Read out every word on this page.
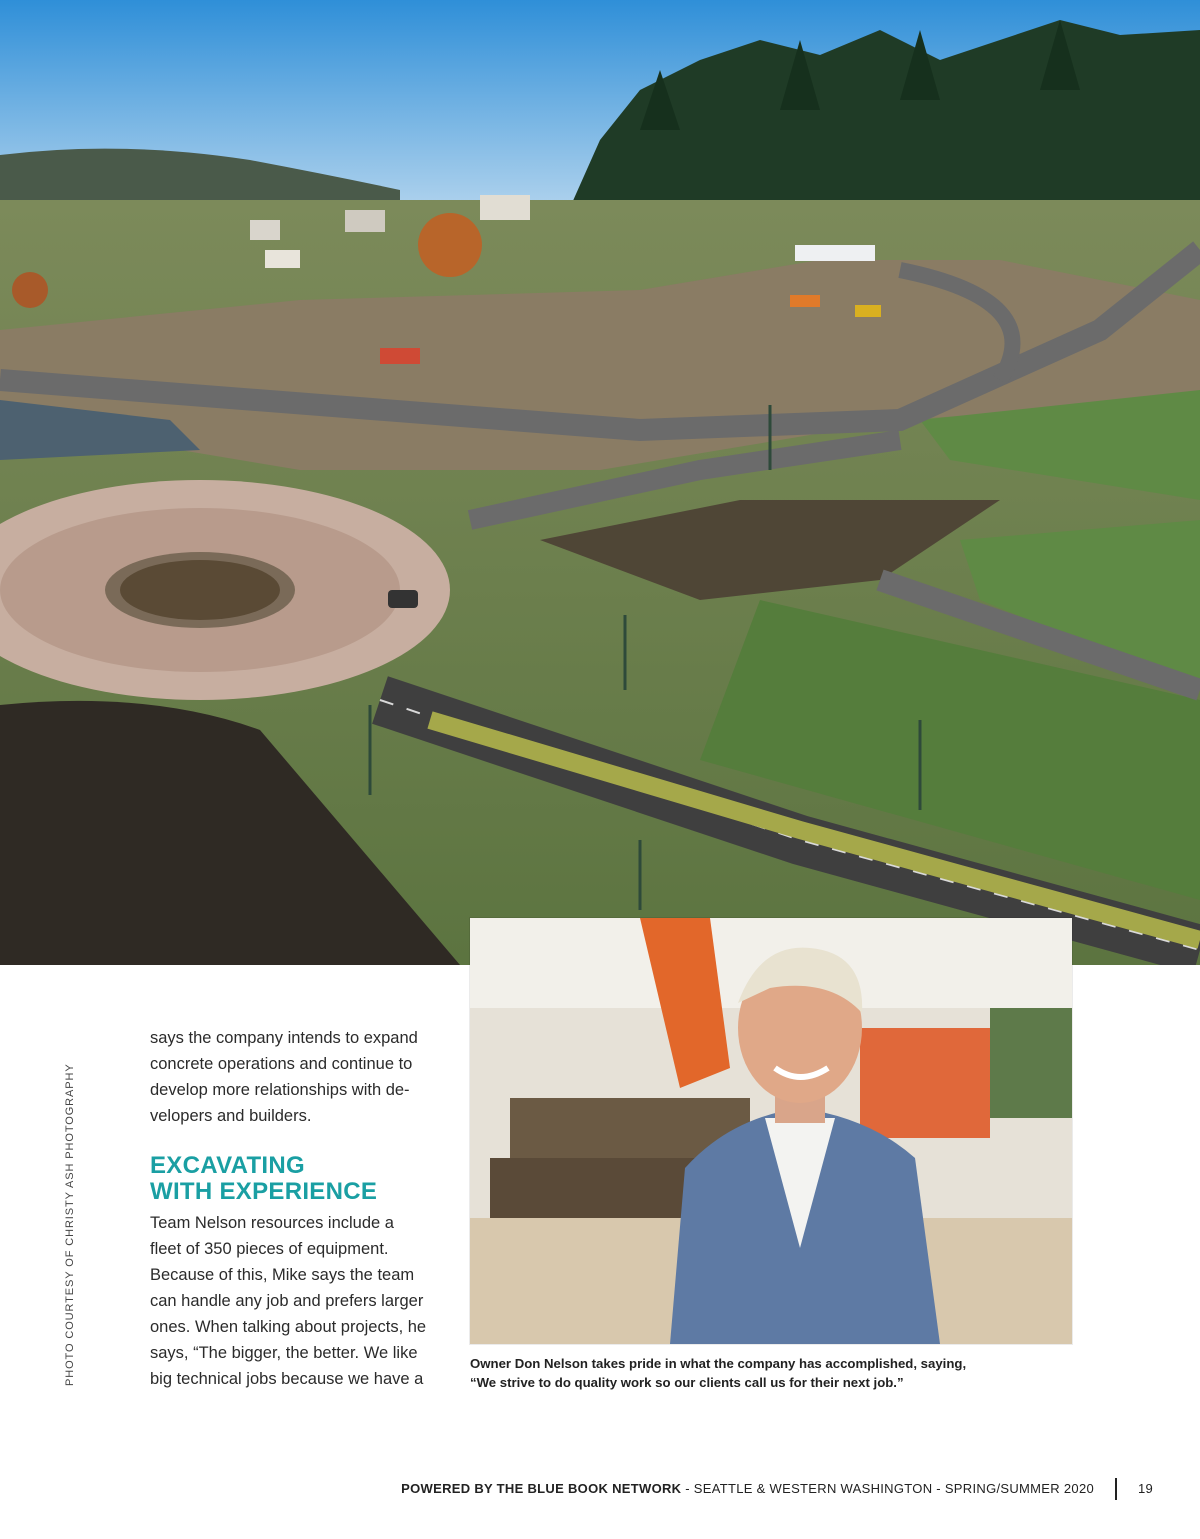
PHOTO COURTESY OF CHRISTY ASH PHOTOGRAPHY

says the company intends to expand

concrete operations and continue to

develop more relationships with de-

velopers and builders.

EXCAVATING
WITH EXPERIENCE

Team Nelson resources include a

fleet of 350 pieces of equipment.

Because of this, Mike says the team

can handle any job and prefers larger

ones. When talking about projects, he

says, “The bigger, the better. We like

big technical jobs because we have a

Owner Don Nelson takes pride in what the company has accomplished, saying,
“We strive to do quality work so our clients call us for their next job.”
POWERED BY THE BLUE BOOK NETWORK - SEATTLE & WESTERN WASHINGTON - SPRING/SUMMER 2020	19
